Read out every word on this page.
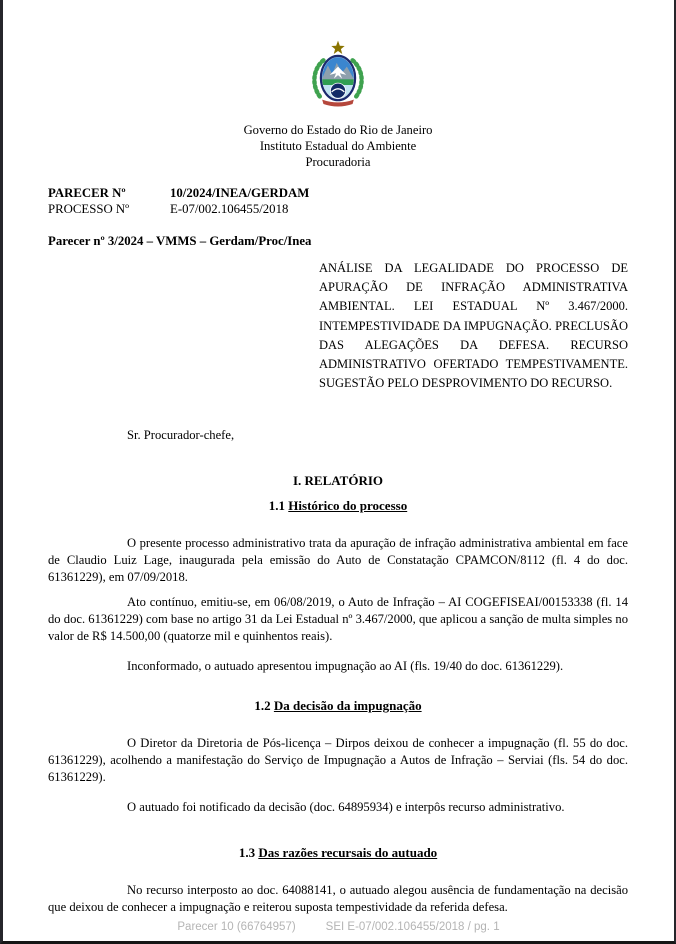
Governo do Estado do Rio de Janeiro
Instituto Estadual do Ambiente
Procuradoria
PARECER Nº	10/2024/INEA/GERDAM
PROCESSO Nº	E-07/002.106455/2018
Parecer nº 3/2024 – VMMS – Gerdam/Proc/Inea
ANÁLISE DA LEGALIDADE DO PROCESSO DE APURAÇÃO DE INFRAÇÃO ADMINISTRATIVA AMBIENTAL. LEI ESTADUAL Nº 3.467/2000. INTEMPESTIVIDADE DA IMPUGNAÇÃO. PRECLUSÃO DAS ALEGAÇÕES DA DEFESA. RECURSO ADMINISTRATIVO OFERTADO TEMPESTIVAMENTE. SUGESTÃO PELO DESPROVIMENTO DO RECURSO.
Sr. Procurador-chefe,
I. RELATÓRIO
1.1 Histórico do processo

O presente processo administrativo trata da apuração de infração administrativa ambiental em face de Claudio Luiz Lage, inaugurada pela emissão do Auto de Constatação CPAMCON/8112 (fl. 4 do doc. 61361229), em 07/09/2018.

Ato contínuo, emitiu-se, em 06/08/2019, o Auto de Infração – AI COGEFISEAI/00153338 (fl. 14 do doc. 61361229) com base no artigo 31 da Lei Estadual nº 3.467/2000, que aplicou a sanção de multa simples no valor de R$ 14.500,00 (quatorze mil e quinhentos reais).

Inconformado, o autuado apresentou impugnação ao AI (fls. 19/40 do doc. 61361229).

1.2 Da decisão da impugnação

O Diretor da Diretoria de Pós-licença – Dirpos deixou de conhecer a impugnação (fl. 55 do doc. 61361229), acolhendo a manifestação do Serviço de Impugnação a Autos de Infração – Serviai (fls. 54 do doc. 61361229).

O autuado foi notificado da decisão (doc. 64895934) e interpôs recurso administrativo.

1.3 Das razões recursais do autuado

No recurso interposto ao doc. 64088141, o autuado alegou ausência de fundamentação na decisão que deixou de conhecer a impugnação e reiterou suposta tempestividade da referida defesa.

Parecer 10 (66764957)	SEI E-07/002.106455/2018 / pg. 1
